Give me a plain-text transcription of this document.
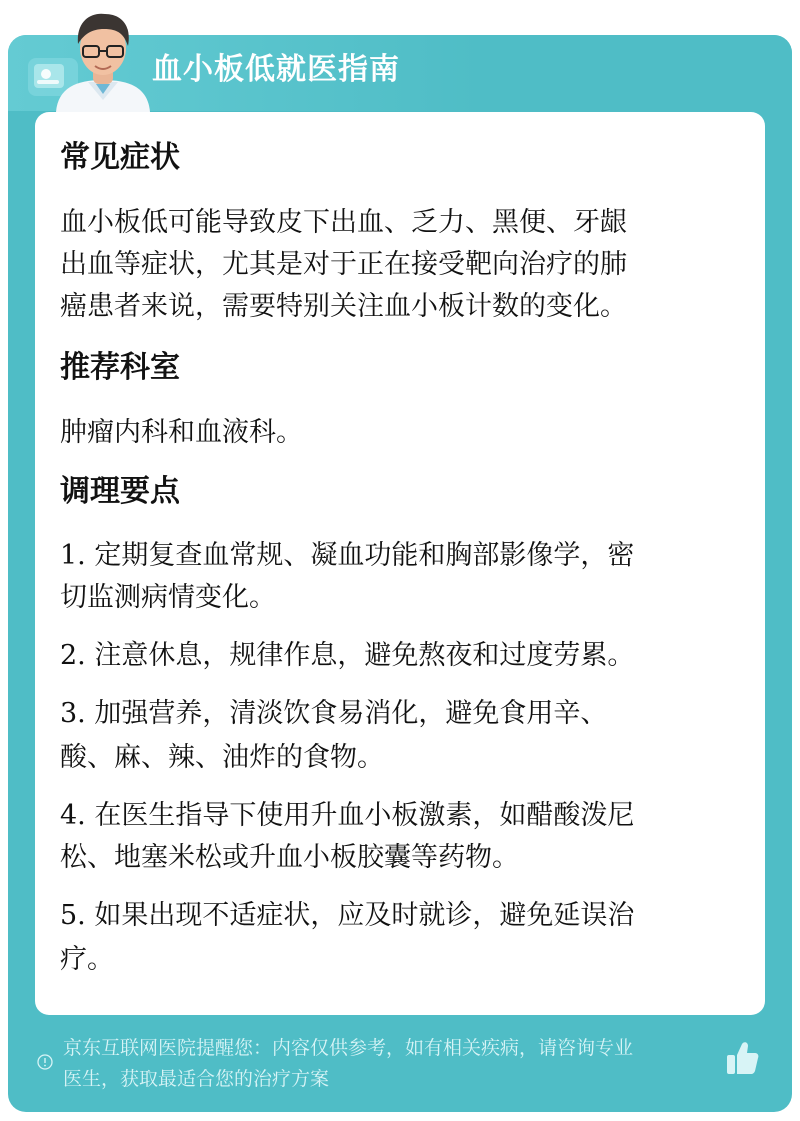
血小板低就医指南
常见症状
血小板低可能导致皮下出血、乏力、黑便、牙龈
出血等症状，尤其是对于正在接受靶向治疗的肺
癌患者来说，需要特别关注血小板计数的变化。
推荐科室
肿瘤内科和血液科。
调理要点
1. 定期复查血常规、凝血功能和胸部影像学，密
切监测病情变化。
2. 注意休息，规律作息，避免熬夜和过度劳累。
3. 加强营养，清淡饮食易消化，避免食用辛、
酸、麻、辣、油炸的食物。
4. 在医生指导下使用升血小板激素，如醋酸泼尼
松、地塞米松或升血小板胶囊等药物。
5. 如果出现不适症状，应及时就诊，避免延误治
疗。
京东互联网医院提醒您：内容仅供参考，如有相关疾病，请咨询专业
医生，获取最适合您的治疗方案
